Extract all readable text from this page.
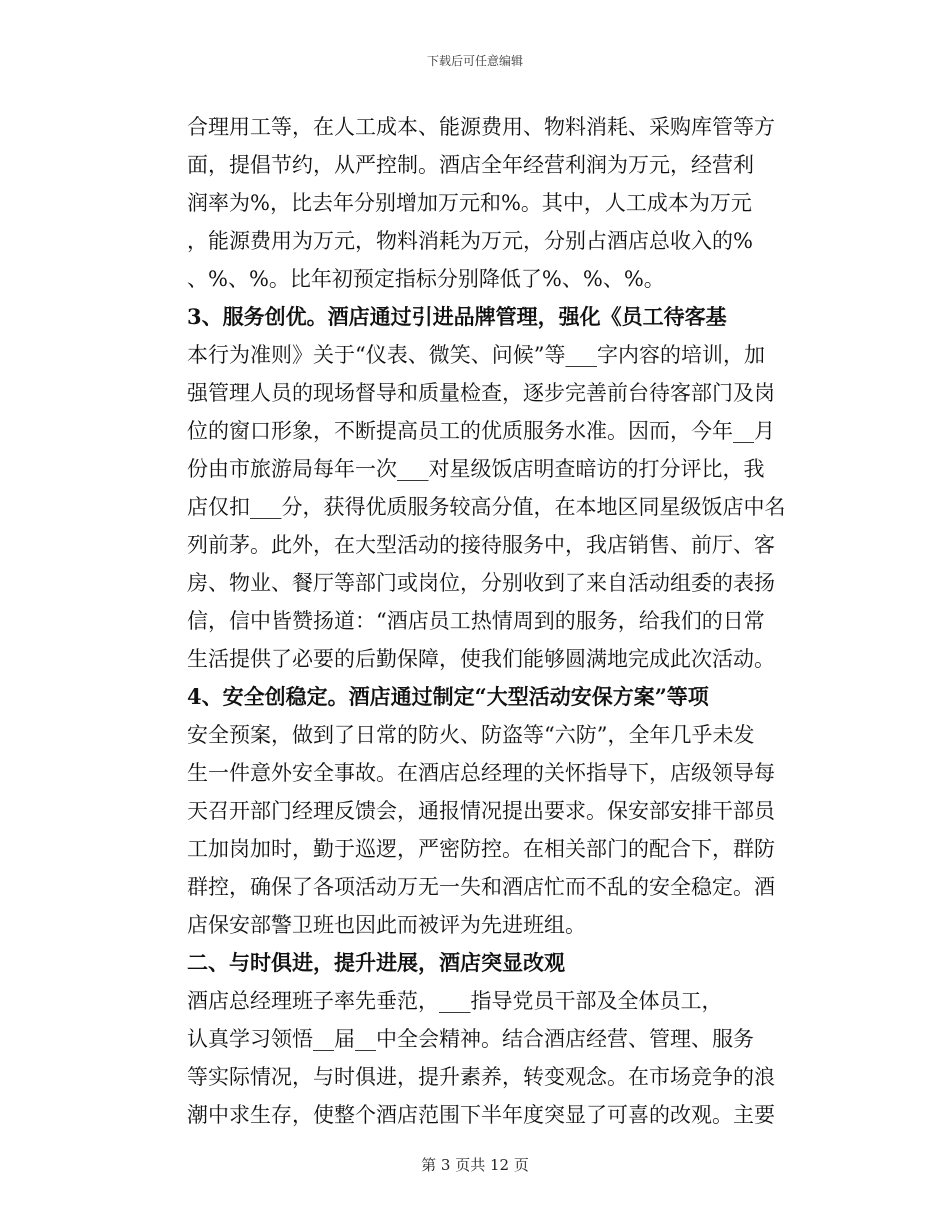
下载后可任意编辑
合理用工等，在人工成本、能源费用、物料消耗、采购库管等方
面，提倡节约，从严控制。酒店全年经营利润为万元，经营利
润率为%，比去年分别增加万元和%。其中，人工成本为万元
，能源费用为万元，物料消耗为万元，分别占酒店总收入的%
、%、%。比年初预定指标分别降低了%、%、%。
3、服务创优。酒店通过引进品牌管理，强化《员工待客基
本行为准则》关于“仪表、微笑、问候”等___字内容的培训，加
强管理人员的现场督导和质量检查，逐步完善前台待客部门及岗
位的窗口形象，不断提高员工的优质服务水准。因而，今年__月
份由市旅游局每年一次___对星级饭店明查暗访的打分评比，我
店仅扣___分，获得优质服务较高分值，在本地区同星级饭店中名
列前茅。此外，在大型活动的接待服务中，我店销售、前厅、客
房、物业、餐厅等部门或岗位，分别收到了来自活动组委的表扬
信，信中皆赞扬道：“酒店员工热情周到的服务，给我们的日常
生活提供了必要的后勤保障，使我们能够圆满地完成此次活动。
4、安全创稳定。酒店通过制定“大型活动安保方案”等项
安全预案，做到了日常的防火、防盗等“六防”，全年几乎未发
生一件意外安全事故。在酒店总经理的关怀指导下，店级领导每
天召开部门经理反馈会，通报情况提出要求。保安部安排干部员
工加岗加时，勤于巡逻，严密防控。在相关部门的配合下，群防
群控，确保了各项活动万无一失和酒店忙而不乱的安全稳定。酒
店保安部警卫班也因此而被评为先进班组。
二、与时俱进，提升进展，酒店突显改观
酒店总经理班子率先垂范，___指导党员干部及全体员工，
认真学习领悟__届__中全会精神。结合酒店经营、管理、服务
等实际情况，与时俱进，提升素养，转变观念。在市场竞争的浪
潮中求生存，使整个酒店范围下半年度突显了可喜的改观。主要
第 3 页共 12 页
